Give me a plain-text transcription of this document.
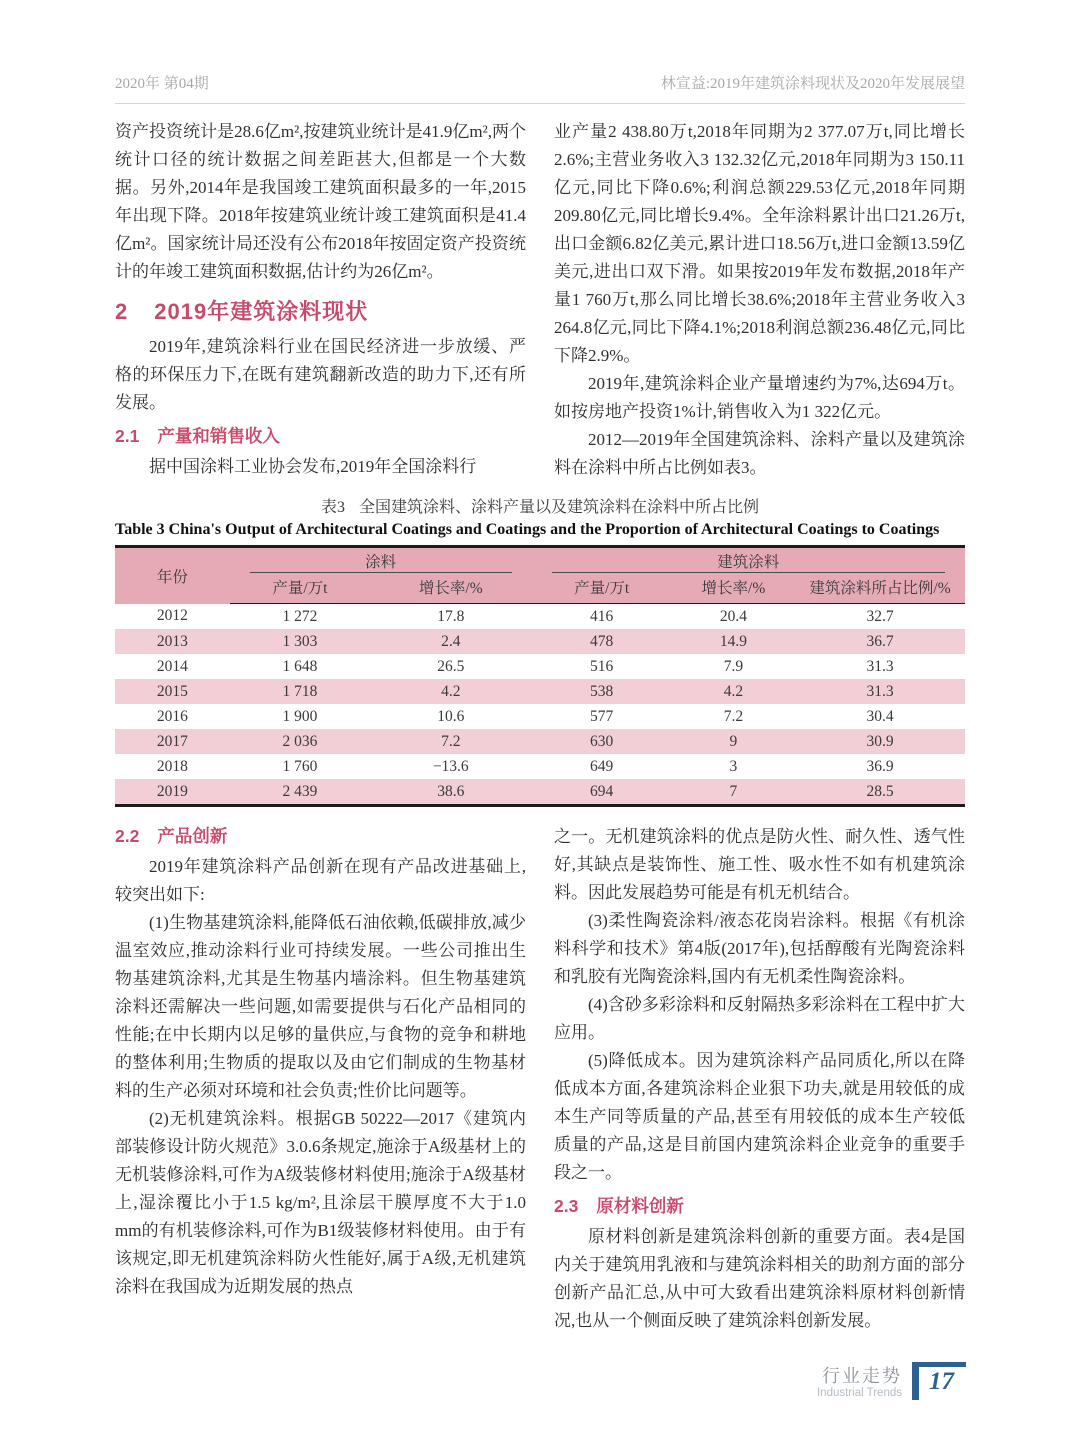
2020年 第04期	林宣益:2019年建筑涂料现状及2020年发展展望

资产投资统计是28.6亿m²,按建筑业统计是41.9亿m²,两个统计口径的统计数据之间差距甚大,但都是一个大数据。另外,2014年是我国竣工建筑面积最多的一年,2015年出现下降。2018年按建筑业统计竣工建筑面积是41.4亿m²。国家统计局还没有公布2018年按固定资产投资统计的年竣工建筑面积数据,估计约为26亿m²。

2 2019年建筑涂料现状

2019年,建筑涂料行业在国民经济进一步放缓、严格的环保压力下,在既有建筑翻新改造的助力下,还有所发展。

2.1 产量和销售收入

据中国涂料工业协会发布,2019年全国涂料行

业产量2 438.80万t,2018年同期为2 377.07万t,同比增长2.6%;主营业务收入3 132.32亿元,2018年同期为3 150.11亿元,同比下降0.6%;利润总额229.53亿元,2018年同期209.80亿元,同比增长9.4%。全年涂料累计出口21.26万t,出口金额6.82亿美元,累计进口18.56万t,进口金额13.59亿美元,进出口双下滑。如果按2019年发布数据,2018年产量1 760万t,那么同比增长38.6%;2018年主营业务收入3 264.8亿元,同比下降4.1%;2018利润总额236.48亿元,同比下降2.9%。

2019年,建筑涂料企业产量增速约为7%,达694万t。如按房地产投资1%计,销售收入为1 322亿元。

2012—2019年全国建筑涂料、涂料产量以及建筑涂料在涂料中所占比例如表3。

表3 全国建筑涂料、涂料产量以及建筑涂料在涂料中所占比例

Table 3 China's Output of Architectural Coatings and Coatings and the Proportion of Architectural Coatings to Coatings

年份	涂料		建筑涂料		
	产量/万t	增长率/%	产量/万t	增长率/%	建筑涂料所占比例/%
2012	1 272	17.8	416	20.4	32.7
2013	1 303	2.4	478	14.9	36.7
2014	1 648	26.5	516	7.9	31.3
2015	1 718	4.2	538	4.2	31.3
2016	1 900	10.6	577	7.2	30.4
2017	2 036	7.2	630	9	30.9
2018	1 760	−13.6	649	3	36.9
2019	2 439	38.6	694	7	28.5
2.2 产品创新

2019年建筑涂料产品创新在现有产品改进基础上,较突出如下:

(1)生物基建筑涂料,能降低石油依赖,低碳排放,减少温室效应,推动涂料行业可持续发展。一些公司推出生物基建筑涂料,尤其是生物基内墙涂料。但生物基建筑涂料还需解决一些问题,如需要提供与石化产品相同的性能;在中长期内以足够的量供应,与食物的竞争和耕地的整体利用;生物质的提取以及由它们制成的生物基材料的生产必须对环境和社会负责;性价比问题等。

(2)无机建筑涂料。根据GB 50222—2017《建筑内部装修设计防火规范》3.0.6条规定,施涂于A级基材上的无机装修涂料,可作为A级装修材料使用;施涂于A级基材上,湿涂覆比小于1.5 kg/m²,且涂层干膜厚度不大于1.0 mm的有机装修涂料,可作为B1级装修材料使用。由于有该规定,即无机建筑涂料防火性能好,属于A级,无机建筑涂料在我国成为近期发展的热点

之一。无机建筑涂料的优点是防火性、耐久性、透气性好,其缺点是装饰性、施工性、吸水性不如有机建筑涂料。因此发展趋势可能是有机无机结合。

(3)柔性陶瓷涂料/液态花岗岩涂料。根据《有机涂料科学和技术》第4版(2017年),包括醇酸有光陶瓷涂料和乳胶有光陶瓷涂料,国内有无机柔性陶瓷涂料。

(4)含砂多彩涂料和反射隔热多彩涂料在工程中扩大应用。

(5)降低成本。因为建筑涂料产品同质化,所以在降低成本方面,各建筑涂料企业狠下功夫,就是用较低的成本生产同等质量的产品,甚至有用较低的成本生产较低质量的产品,这是目前国内建筑涂料企业竞争的重要手段之一。

2.3 原材料创新

原材料创新是建筑涂料创新的重要方面。表4是国内关于建筑用乳液和与建筑涂料相关的助剂方面的部分创新产品汇总,从中可大致看出建筑涂料原材料创新情况,也从一个侧面反映了建筑涂料创新发展。

行业走势
Industrial Trends	17
